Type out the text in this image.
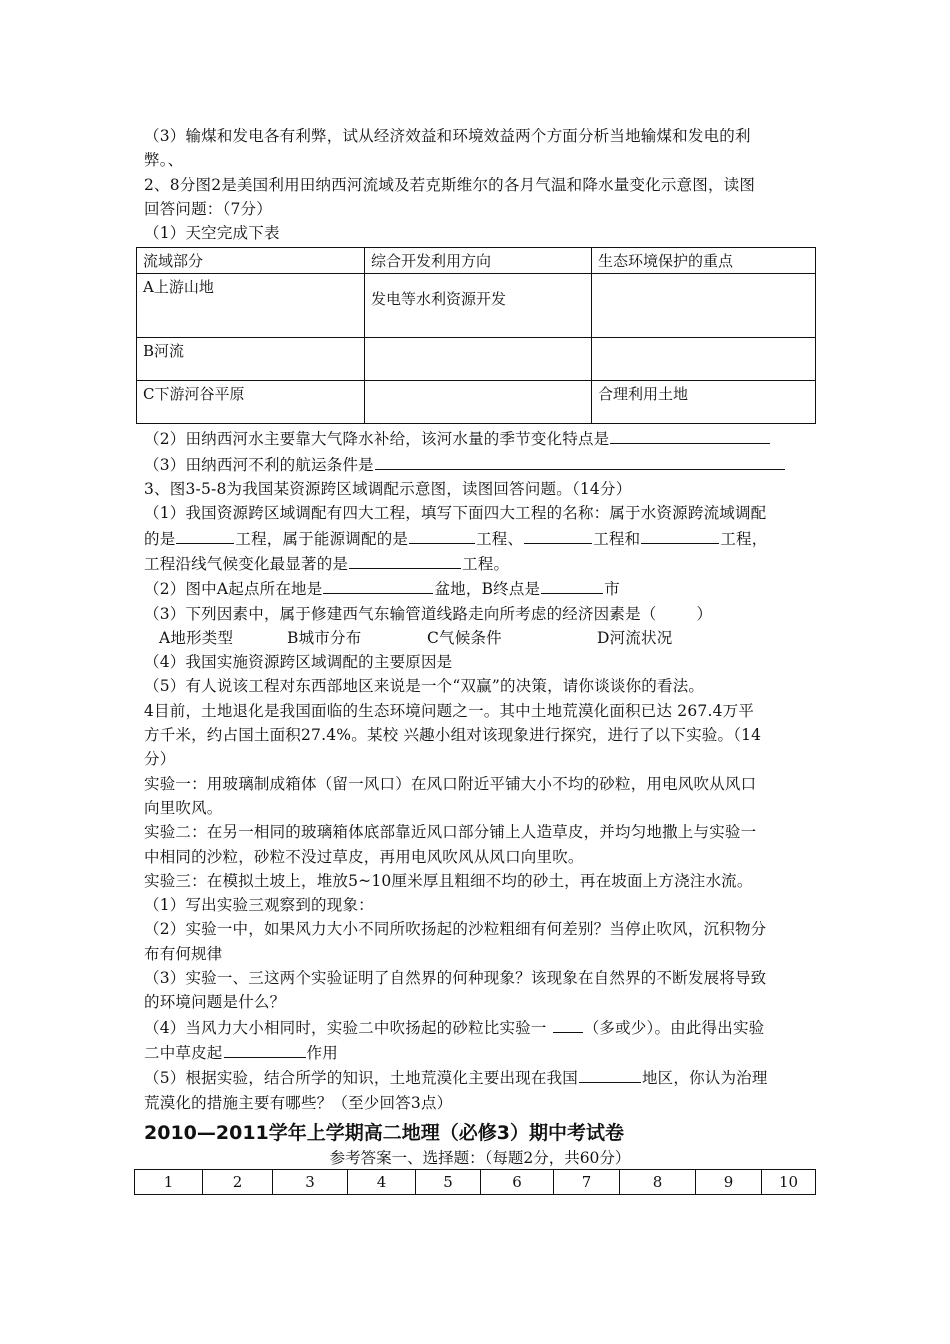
（3）输煤和发电各有利弊，试从经济效益和环境效益两个方面分析当地输煤和发电的利
弊。、
2、8分图2是美国利用田纳西河流域及若克斯维尔的各月气温和降水量变化示意图，读图
回答问题：（7分）
（1）天空完成下表
流域部分	综合开发利用方向	生态环境保护的重点
A上游山地	发电等水利资源开发	
B河流		
C下游河谷平原		合理利用土地
（2）田纳西河水主要靠大气降水补给，该河水量的季节变化特点是
（3）田纳西河不利的航运条件是
3、图3-5-8为我国某资源跨区域调配示意图，读图回答问题。（14分）
（1）我国资源跨区域调配有四大工程，填写下面四大工程的名称：属于水资源跨流域调配
的是	工程，属于能源调配的是	工程、	工程和	工程，
工程沿线气候变化最显著的是	工程。
（2）图中A起点所在地是	盆地，B终点是	市
（3）下列因素中，属于修建西气东输管道线路走向所考虑的经济因素是（	）
A地形类型	B城市分布	C气候条件	D河流状况
（4）我国实施资源跨区域调配的主要原因是
（5）有人说该工程对东西部地区来说是一个“双赢”的决策，请你谈谈你的看法。
4目前，土地退化是我国面临的生态环境问题之一。其中土地荒漠化面积已达 267.4万平
方千米，约占国土面积27.4%。某校 兴趣小组对该现象进行探究，进行了以下实验。（14
分）
实验一：用玻璃制成箱体（留一风口）在风口附近平铺大小不均的砂粒，用电风吹从风口
向里吹风。
实验二：在另一相同的玻璃箱体底部靠近风口部分铺上人造草皮，并均匀地撒上与实验一
中相同的沙粒，砂粒不没过草皮，再用电风吹风从风口向里吹。
实验三：在模拟土坡上，堆放5~10厘米厚且粗细不均的砂土，再在坡面上方浇注水流。
（1）写出实验三观察到的现象：
（2）实验一中，如果风力大小不同所吹扬起的沙粒粗细有何差别？当停止吹风，沉积物分
布有何规律
（3）实验一、三这两个实验证明了自然界的何种现象？该现象在自然界的不断发展将导致
的环境问题是什么？
（4）当风力大小相同时，实验二中吹扬起的砂粒比实验一 （多或少）。由此得出实验
二中草皮起	作用
（5）根据实验，结合所学的知识，土地荒漠化主要出现在我国	地区，你认为治理
荒漠化的措施主要有哪些？（至少回答3点）
2010—2011学年上学期高二地理（必修3）期中考试卷
参考答案一、选择题：（每题2分，共60分）
1	2	3	4	5	6	7	8	9	10
